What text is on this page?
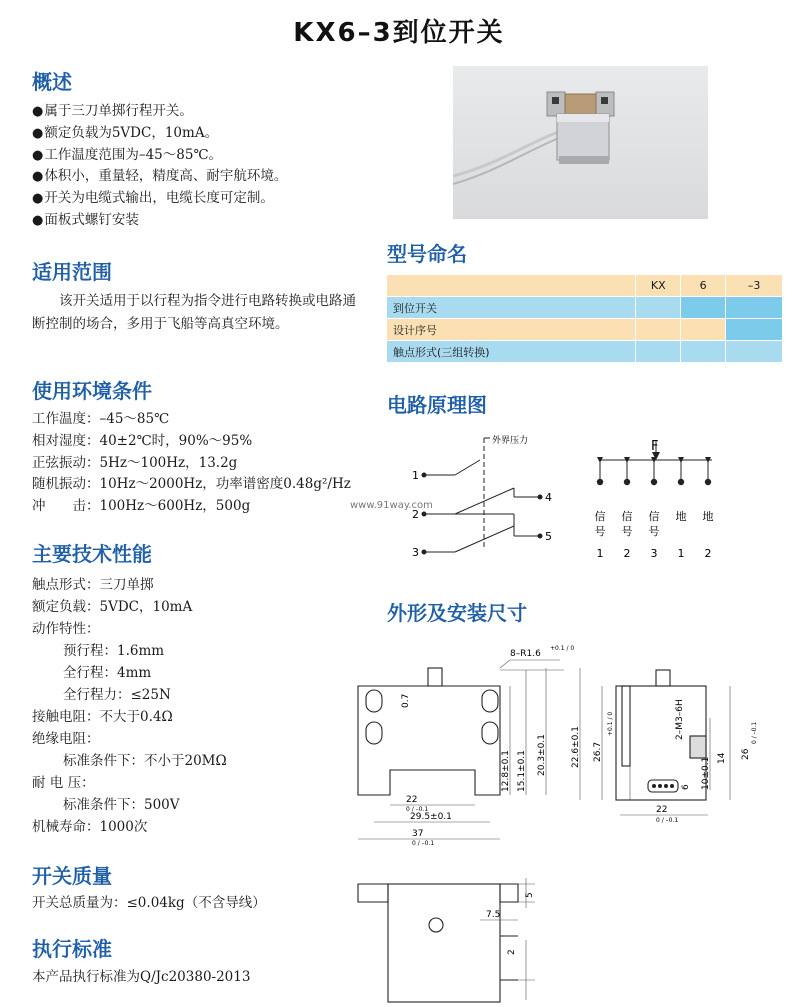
KX6–3到位开关
概述
● 属于三刀单掷行程开关。
● 额定负载为5VDC，10mA。
● 工作温度范围为–45～85℃。
● 体积小，重量轻，精度高、耐宇航环境。
● 开关为电缆式输出，电缆长度可定制。
● 面板式螺钉安装
适用范围
该开关适用于以行程为指令进行电路转换或电路通断控制的场合，多用于飞船等高真空环境。
使用环境条件
工作温度：–45～85℃
相对湿度：40±2℃时，90%～95%
正弦振动：5Hz～100Hz，13.2g
随机振动：10Hz～2000Hz，功率谱密度0.48g²/Hz
冲　　击：100Hz～600Hz，500g
主要技术性能
触点形式：三刀单掷
额定负载：5VDC，10mA
动作特性：
预行程：1.6mm
全行程：4mm
全行程力：≤25N
接触电阻：不大于0.4Ω
绝缘电阻：
标准条件下：不小于20MΩ
耐 电 压：
标准条件下：500V
机械寿命：1000次
开关质量
开关总质量为：≤0.04kg（不含导线）
执行标准
本产品执行标准为Q/Jc20380-2013
型号命名
	KX	6	–3
到位开关			
设计序号			
触点形式(三组转换)			
电路原理图
外界压力
1
2
3
4
5
www.91way.com
F
信号
1
信号
2
信号
3
地
1
地
2
外形及安装尺寸
8–R1.6
+0.1 / 0
22
0 / –0.1
29.5±0.1
37
0 / –0.1
0.7
12.8±0.1 15.1±0.1 20.3±0.1	22.6±0.1
2–M3–6H
26.7
+0.1 / 0
26
0 / –0.1
14
10±0.1
6
22
0 / –0.1
5
7.5
2
